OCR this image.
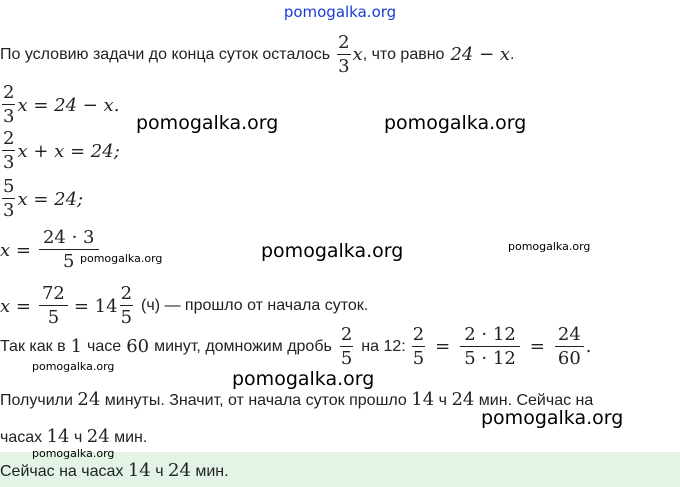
pomogalka.org
По условию задачи до конца суток осталось $\frac{2}{3}$ x , что равно 24 − x .
$\frac{2}{3}$ x = 24 − x.
$\frac{2}{3}$ x + x = 24;
$\frac{5}{3}$ x = 24;
$x = \frac{24 \cdot 3}{5}$
$x = \frac{72}{5} = 14 \frac{2}{5} (ч)$ — прошло от начала суток.
Так как в 1 часе 60 минут, домножим дробь $\frac{2}{5}$ на 12: $\frac{2}{5} = \frac{2 \cdot 12}{5 \cdot 12} = \frac{24}{60}$ .
Получили 24 минуты. Значит, от начала суток прошло 14 ч 24 мин. Сейчас на
часах 14 ч 24 мин.
Сейчас на часах 14 ч 24 мин.
pomogalka.org	pomogalka.org
pomogalka.org	pomogalka.org
pomogalka.org
pomogalka.org
pomogalka.org
pomogalka.org
pomogalka.org
